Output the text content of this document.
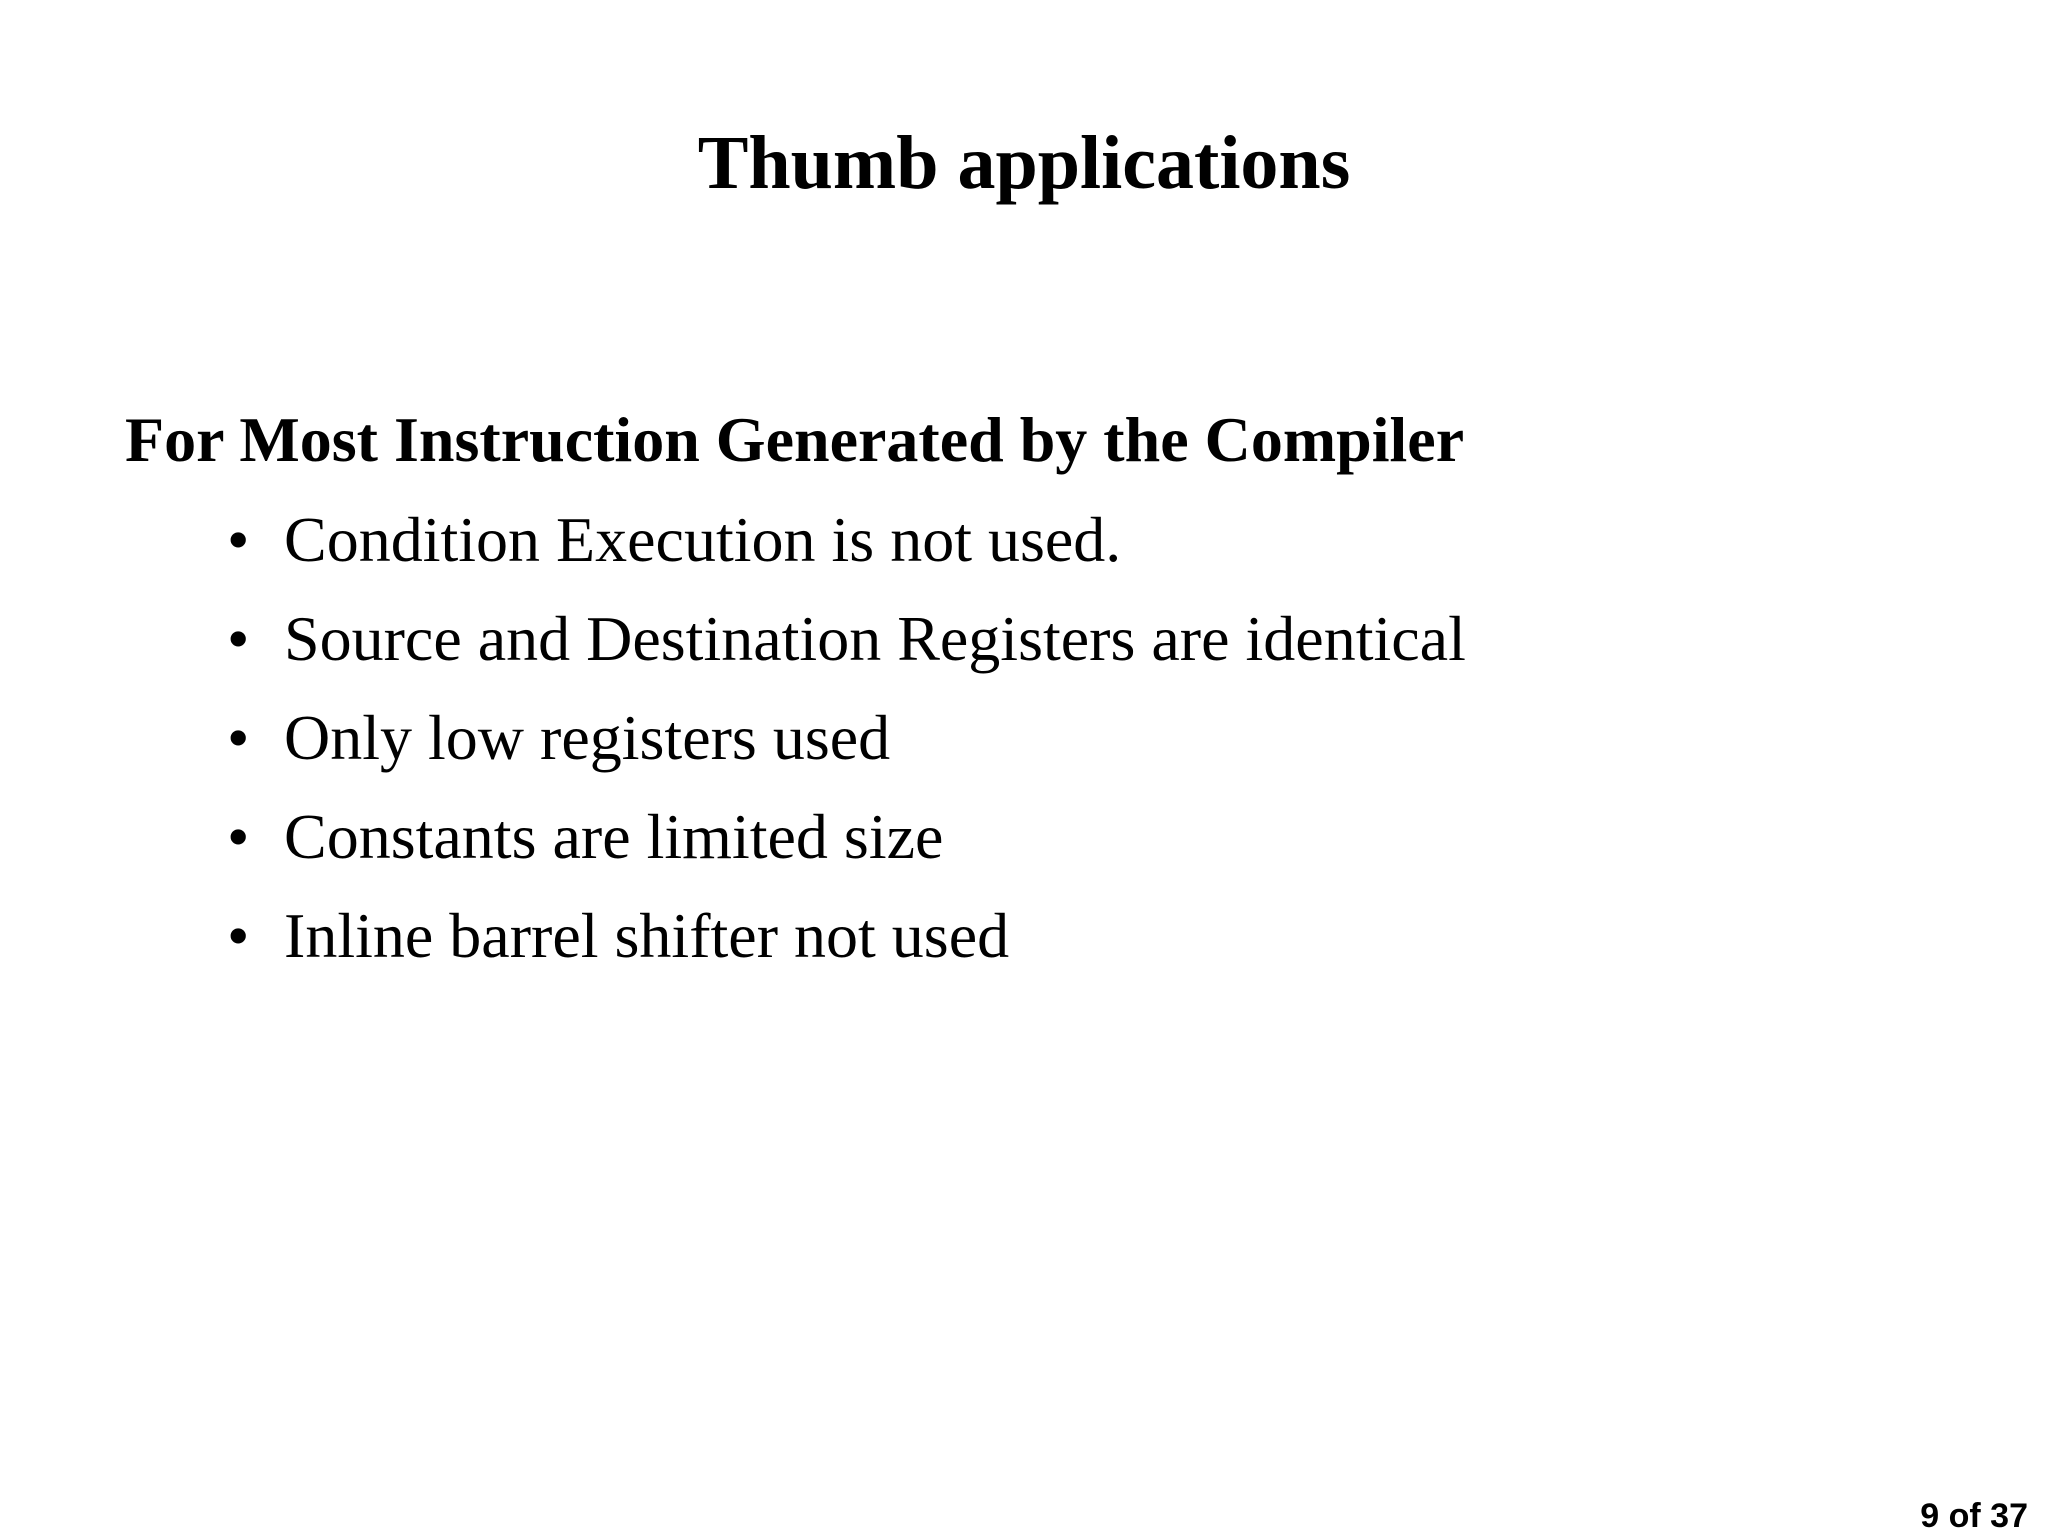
Thumb applications
For Most Instruction Generated by the Compiler
• Condition Execution is not used.
• Source and Destination Registers are identical
• Only low registers used
• Constants are limited size
• Inline barrel shifter not used
9 of 37
